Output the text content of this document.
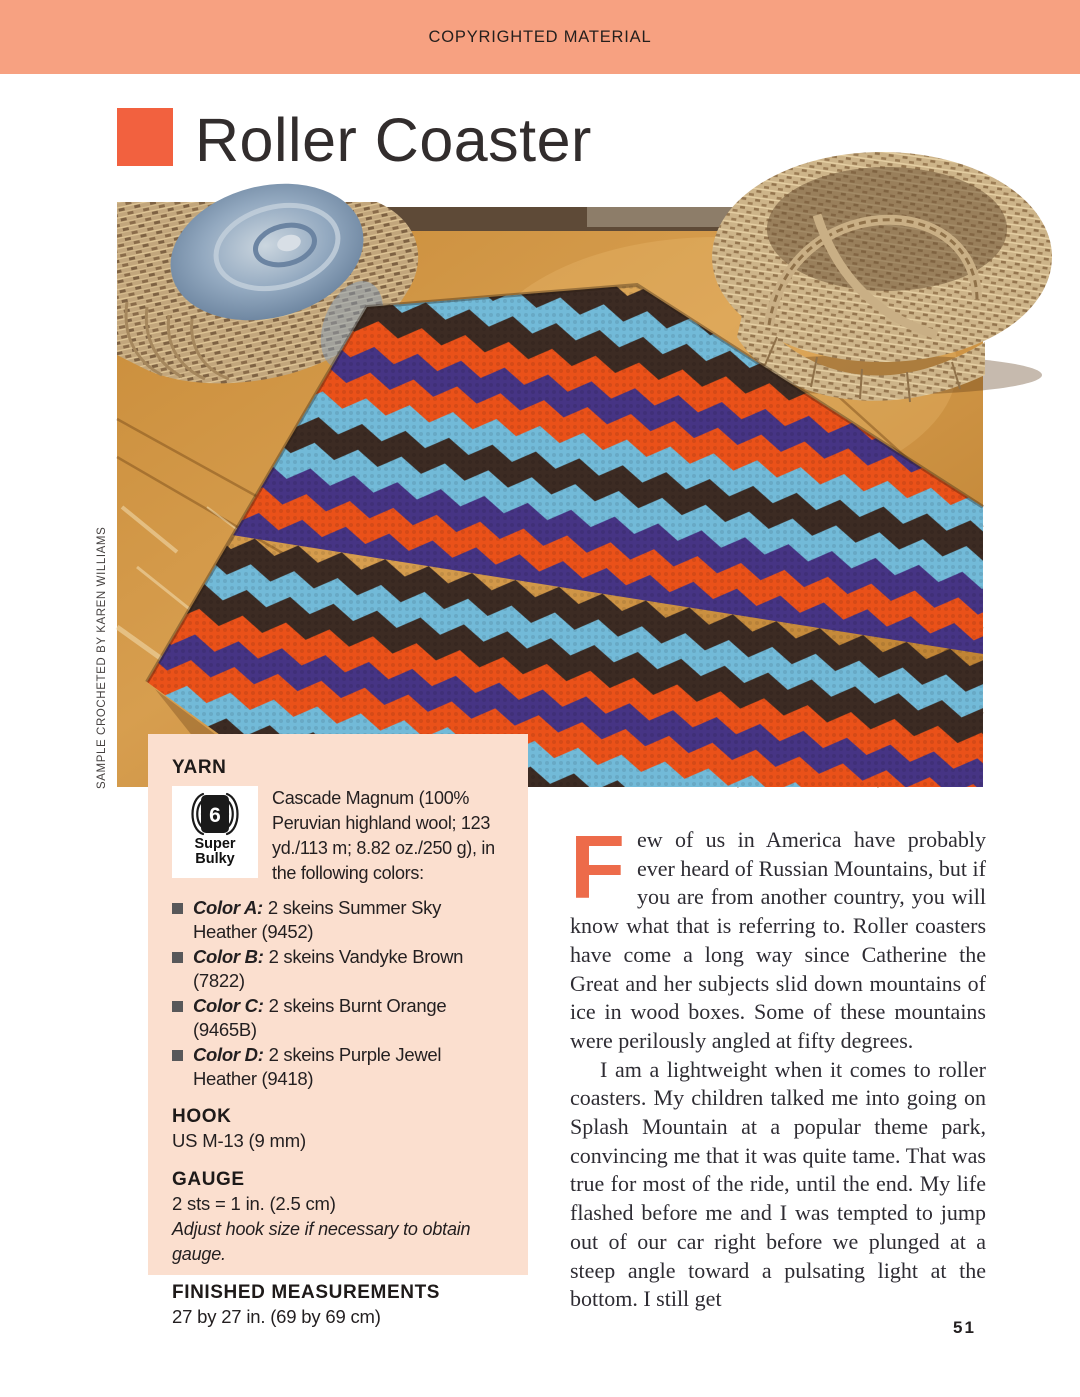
COPYRIGHTED MATERIAL
Roller Coaster
SAMPLE CROCHETED BY KAREN WILLIAMS	YARN
6
Super
Bulky
Cascade Magnum (100% Peruvian highland wool; 123 yd./113 m; 8.82 oz./250 g), in the following colors:
Color A: 2 skeins Summer Sky Heather (9452)
Color B: 2 skeins Vandyke Brown (7822)
Color C: 2 skeins Burnt Orange (9465B)
Color D: 2 skeins Purple Jewel Heather (9418)
HOOK
US M-13 (9 mm)
GAUGE
2 sts = 1 in. (2.5 cm)
Adjust hook size if necessary to obtain gauge.
FINISHED MEASUREMENTS
27 by 27 in. (69 by 69 cm)

Few of us in America have probably ever heard of Russian Mountains, but if you are from another country, you will know what that is referring to. Roller coasters have come a long way since Catherine the Great and her subjects slid down mountains of ice in wood boxes. Some of these mountains were perilously angled at fifty degrees.

I am a lightweight when it comes to roller coasters. My children talked me into going on Splash Mountain at a popular theme park, convincing me that it was quite tame. That was true for most of the ride, until the end. My life flashed before me and I was tempted to jump out of our car right before we plunged at a steep angle toward a pulsating light at the bottom. I still get

51
